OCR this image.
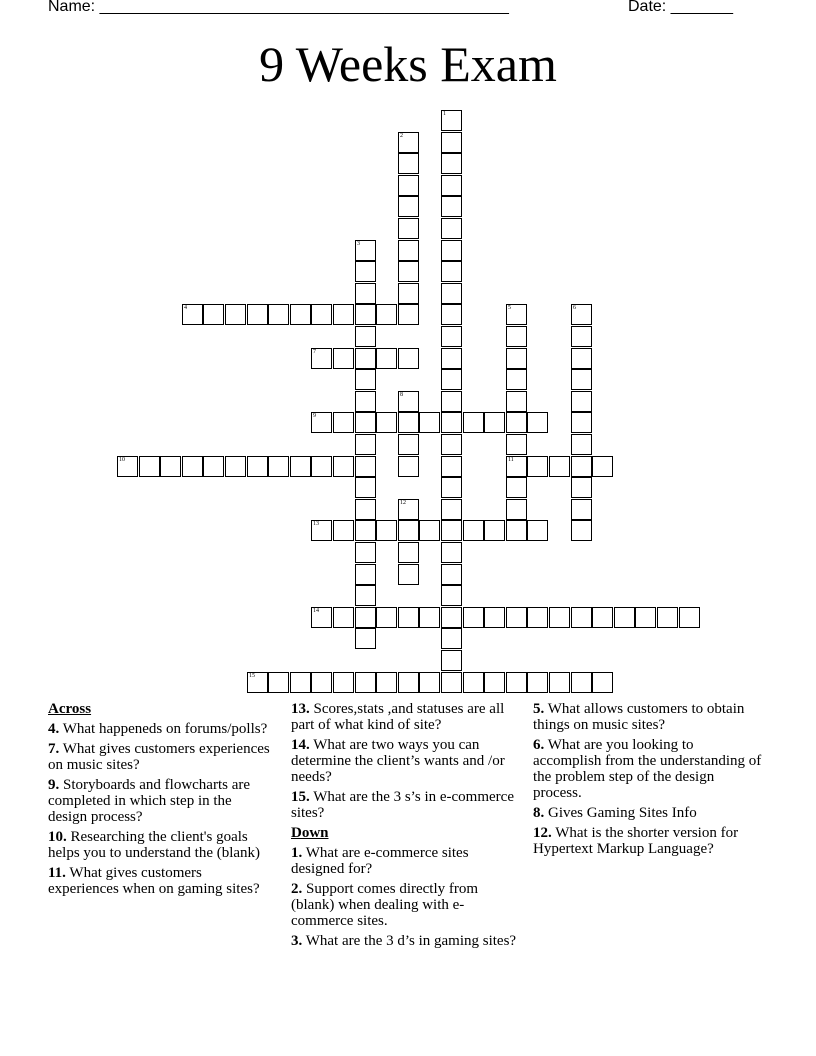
Name: ______________________________________________	Date: _______
9 Weeks Exam
1
2
3
4	5
11
6
7
8
9
10
12
13
14
15
Across
4. What happeneds on forums/polls?
7. What gives customers experiences on music sites?
9. Storyboards and flowcharts are completed in which step in the design process?
10. Researching the client's goals helps you to understand the (blank)
11. What gives customers experiences when on gaming sites?
13. Scores,stats ,and statuses are all part of what kind of site?
14. What are two ways you can determine the client’s wants and /or needs?
15. What are the 3 s’s in e-commerce sites?
Down
1. What are e-commerce sites designed for?
2. Support comes directly from (blank) when dealing with e-commerce sites.
3. What are the 3 d’s in gaming sites?
5. What allows customers to obtain things on music sites?
6. What are you looking to accomplish from the understanding of the problem step of the design process.
8. Gives Gaming Sites Info
12. What is the shorter version for Hypertext Markup Language?
